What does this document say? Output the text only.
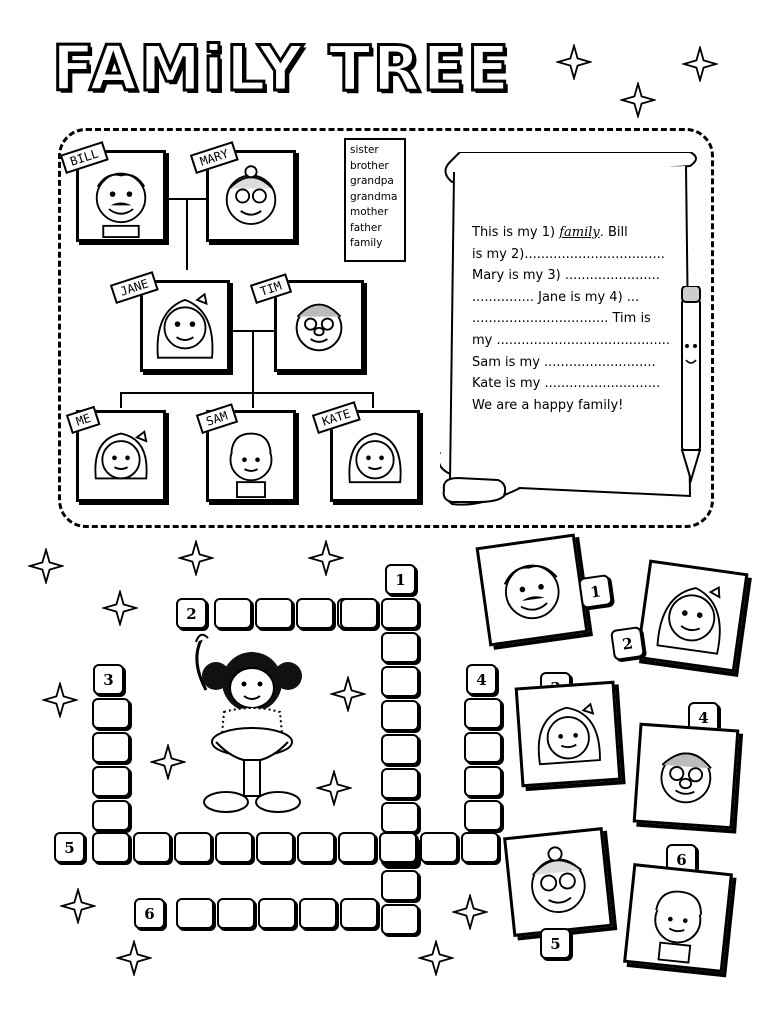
FAMiLY TREE
BILL	MARY
JANE	TIM
ME	SAM	KATE
sister
brother
grandpa
grandma
mother
father
family
This is my 1) family. Bill
is my 2)..................................
Mary is my 3) .......................
............... Jane is my 4) ...
................................. Tim is
my ..........................................
Sam is my ...........................
Kate is my ............................
We are a happy family!
1
2
3	4
5
6
1
2
4
5
6
